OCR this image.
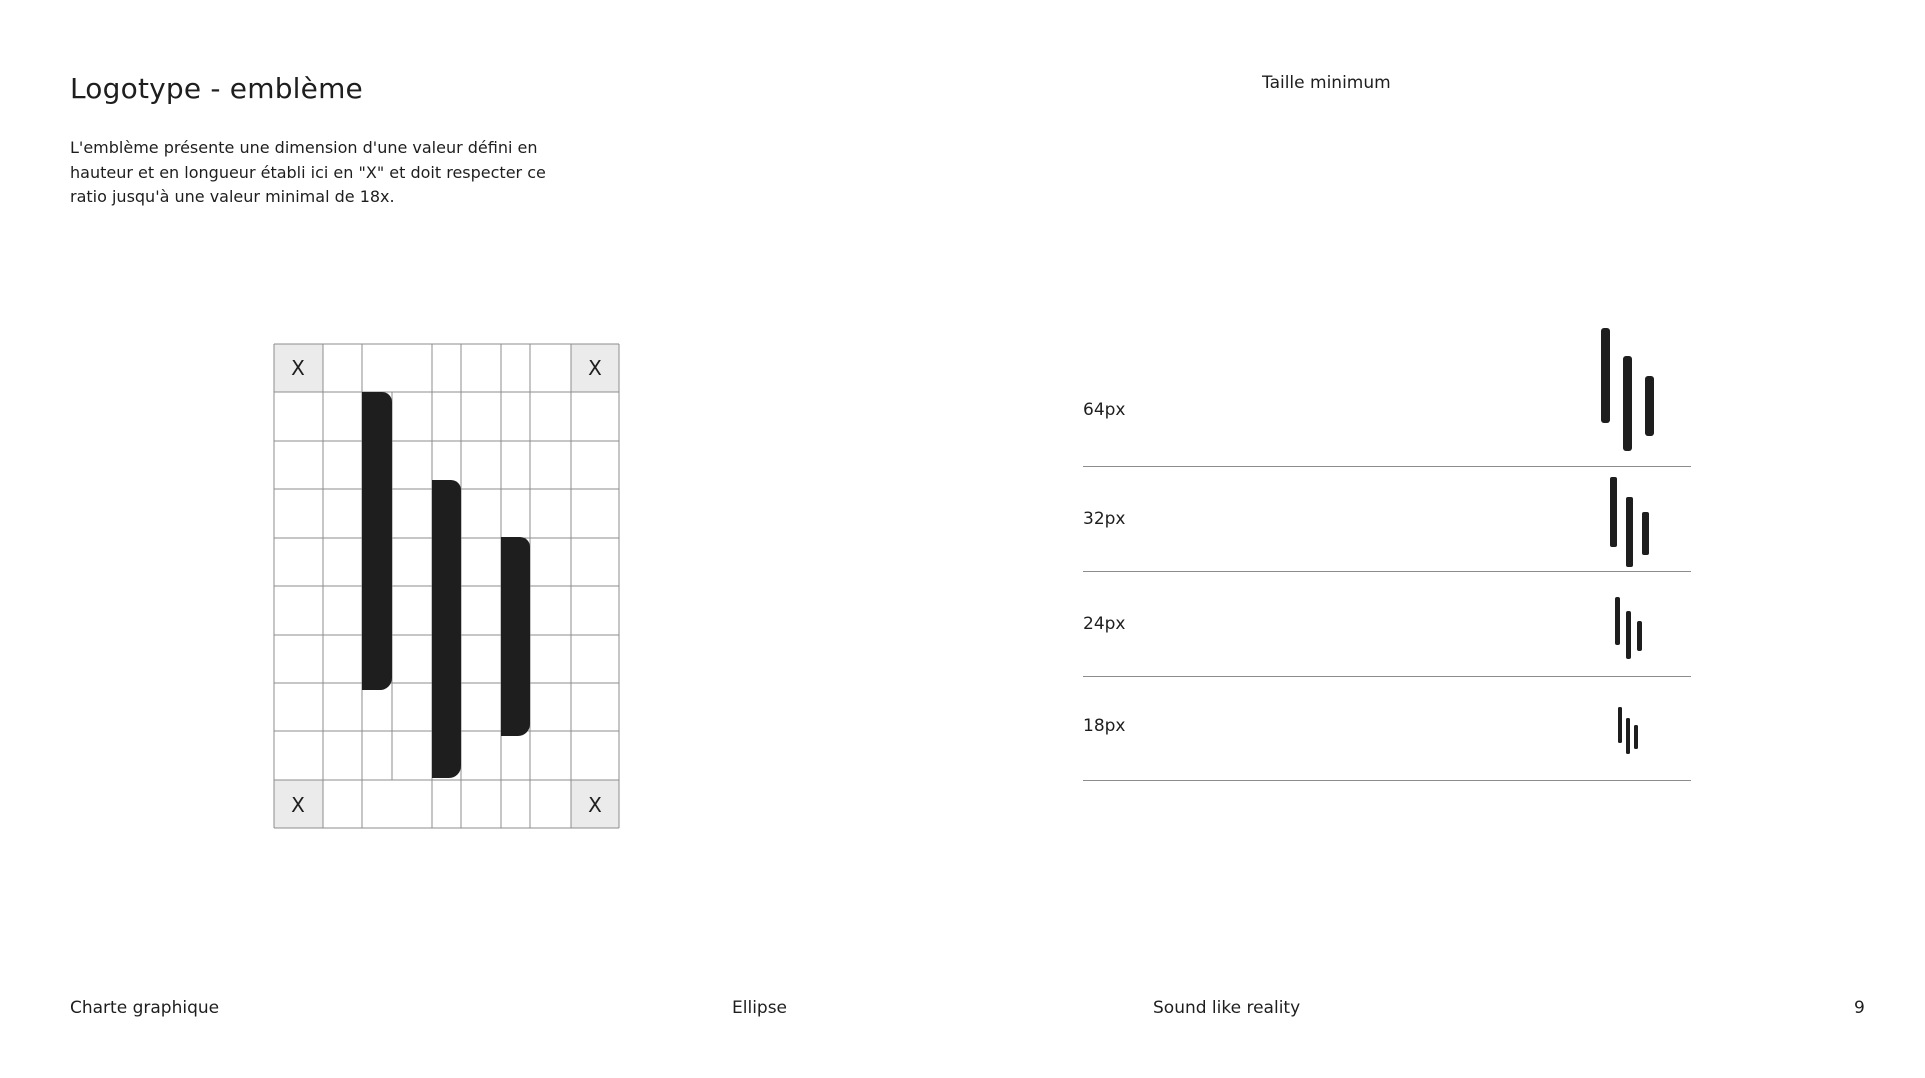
Logotype - emblème

L'emblème présente une dimension d'une valeur défini en hauteur et en longueur établi ici en "X" et doit respecter ce ratio jusqu'à une valeur minimal de 18x.

X	X
X	X
Taille minimum
64px
32px
24px
18px
Charte graphique	Ellipse	Sound like reality	9
